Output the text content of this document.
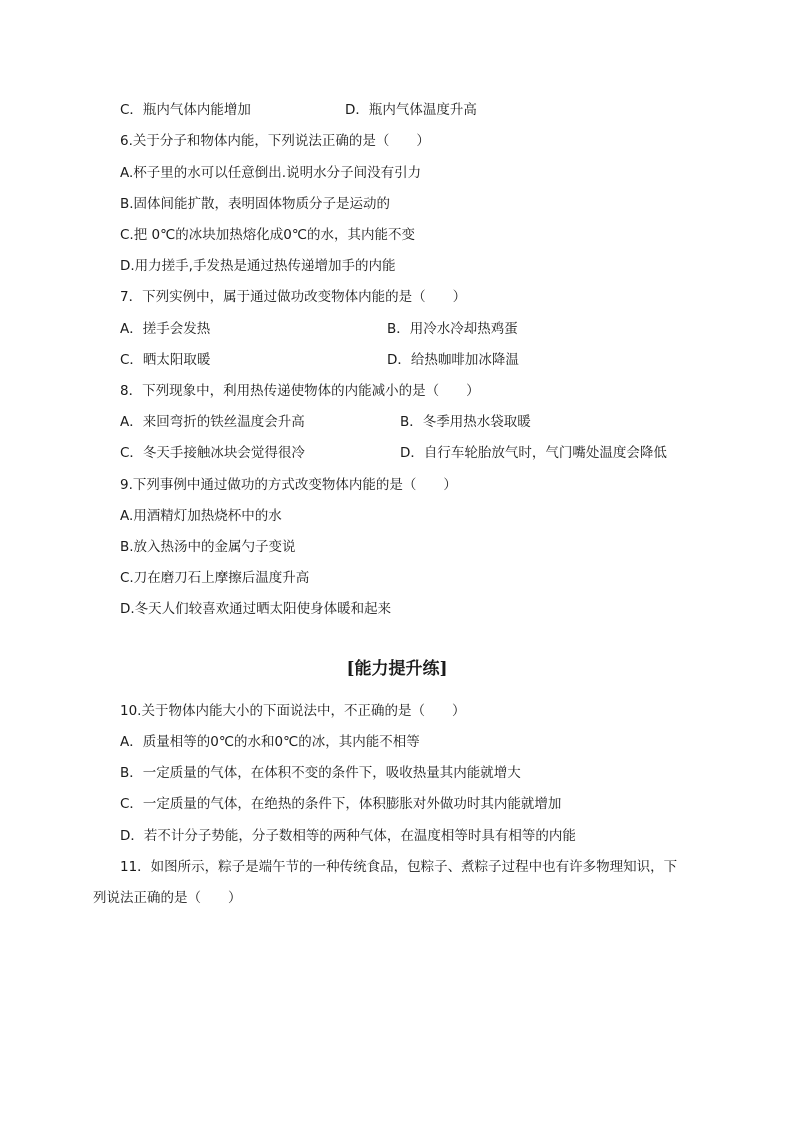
C．瓶内气体内能增加	D．瓶内气体温度升高
6.关于分子和物体内能，下列说法正确的是（　　）
A.杯子里的水可以任意倒出.说明水分子间没有引力
B.固体间能扩散，表明固体物质分子是运动的
C.把 0℃的冰块加热熔化成0℃的水，其内能不变
D.用力搓手,手发热是通过热传递增加手的内能
7．下列实例中，属于通过做功改变物体内能的是（　　）
A．搓手会发热	B．用冷水冷却热鸡蛋
C．晒太阳取暖	D．给热咖啡加冰降温
8．下列现象中，利用热传递使物体的内能减小的是（　　）
A．来回弯折的铁丝温度会升高	B．冬季用热水袋取暖
C．冬天手接触冰块会觉得很冷	D．自行车轮胎放气时，气门嘴处温度会降低
9.下列事例中通过做功的方式改变物体内能的是（　　）
A.用酒精灯加热烧杯中的水
B.放入热汤中的金属勺子变说
C.刀在磨刀石上摩擦后温度升高
D.冬天人们较喜欢通过晒太阳使身体暖和起来
[能力提升练]
10.关于物体内能大小的下面说法中，不正确的是（　　）
A．质量相等的0℃的水和0℃的冰，其内能不相等
B．一定质量的气体，在体积不变的条件下，吸收热量其内能就增大
C．一定质量的气体，在绝热的条件下，体积膨胀对外做功时其内能就增加
D．若不计分子势能，分子数相等的两种气体，在温度相等时具有相等的内能
11．如图所示，粽子是端午节的一种传统食品，包粽子、煮粽子过程中也有许多物理知识，下
列说法正确的是（　　）
